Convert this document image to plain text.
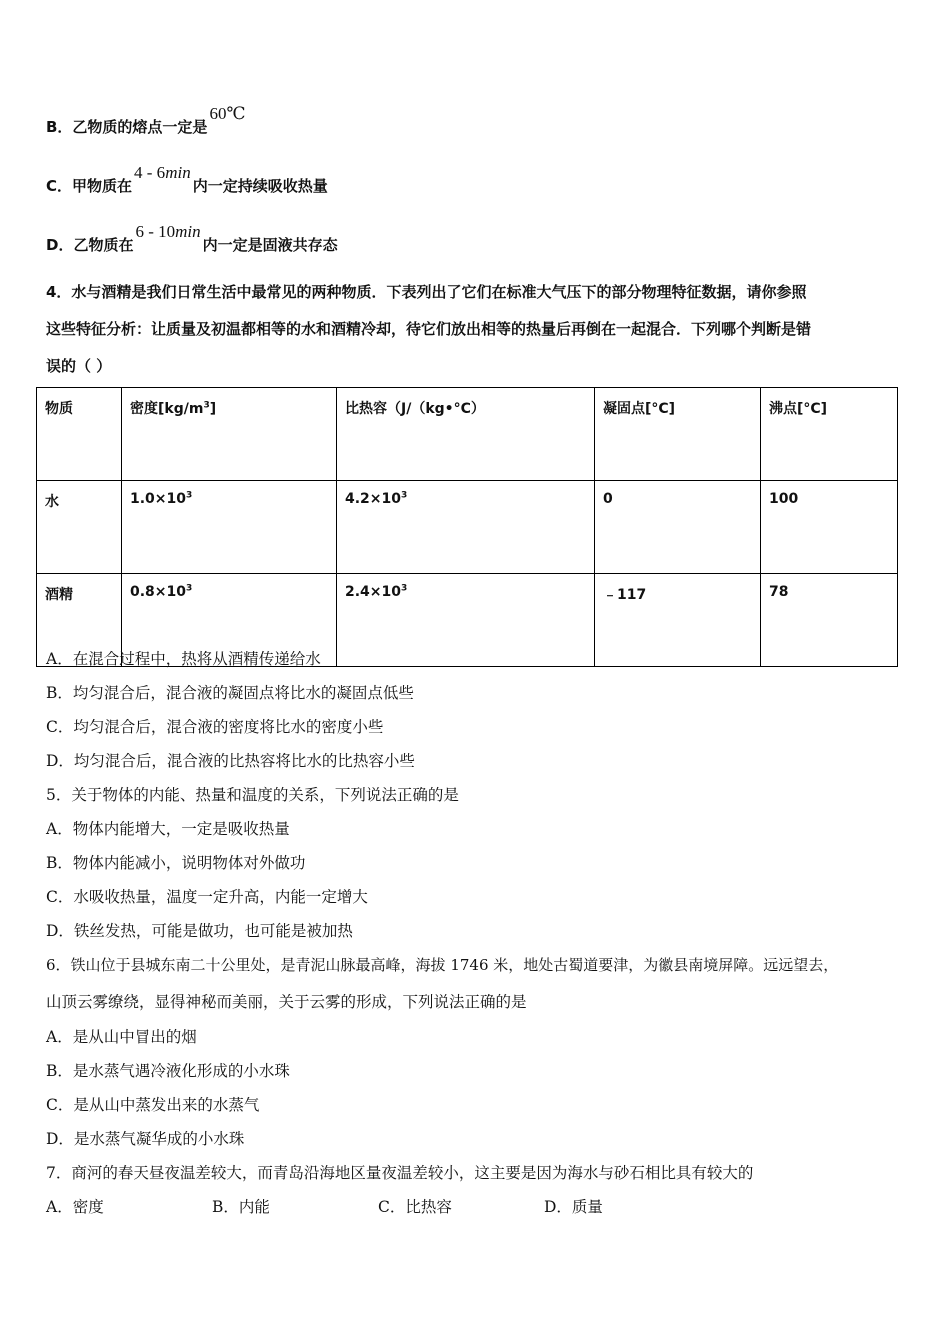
B．乙物质的熔点一定是60℃
C．甲物质在4 - 6min内一定持续吸收热量
D．乙物质在6 - 10min内一定是固液共存态
4．水与酒精是我们日常生活中最常见的两种物质．下表列出了它们在标准大气压下的部分物理特征数据，请你参照
这些特征分析：让质量及初温都相等的水和酒精冷却，待它们放出相等的热量后再倒在一起混合．下列哪个判断是错
误的（ ）
物质	密度$[kg/m^3]$	比热容（J/（kg•°C）	凝固点[°C]	沸点[°C]
水	$1.0\times 10^3$	$4.2\times 10^3$	0	100
酒精	$0.8\times 10^3$	$2.4\times 10^3$	﹣117	78
A．在混合过程中，热将从酒精传递给水
B．均匀混合后，混合液的凝固点将比水的凝固点低些
C．均匀混合后，混合液的密度将比水的密度小些
D．均匀混合后，混合液的比热容将比水的比热容小些
5．关于物体的内能、热量和温度的关系，下列说法正确的是
A．物体内能增大，一定是吸收热量
B．物体内能减小，说明物体对外做功
C．水吸收热量，温度一定升高，内能一定增大
D．铁丝发热，可能是做功，也可能是被加热
6．铁山位于县城东南二十公里处，是青泥山脉最高峰，海拔 1746 米，地处古蜀道要津，为徽县南境屏障。远远望去，
山顶云雾缭绕，显得神秘而美丽，关于云雾的形成，下列说法正确的是
A．是从山中冒出的烟
B．是水蒸气遇冷液化形成的小水珠
C．是从山中蒸发出来的水蒸气
D．是水蒸气凝华成的小水珠
7．商河的春天昼夜温差较大，而青岛沿海地区量夜温差较小，这主要是因为海水与砂石相比具有较大的
A．密度	B．内能	C．比热容	D．质量
